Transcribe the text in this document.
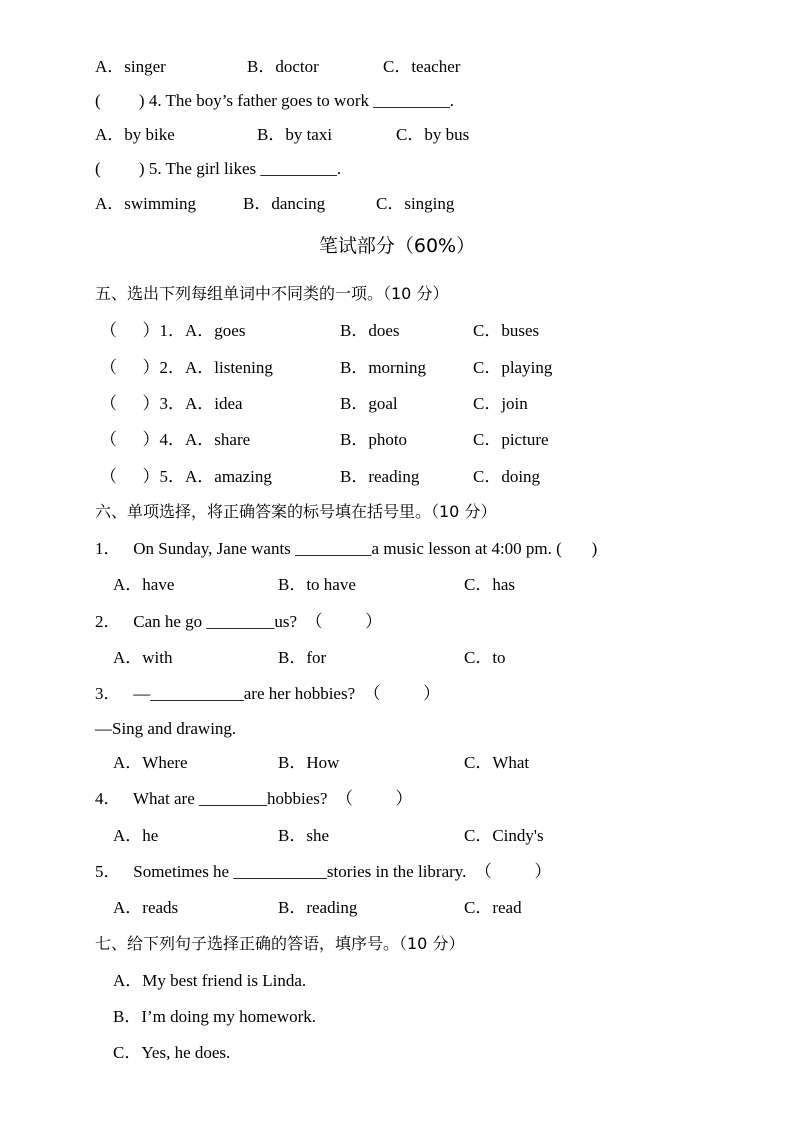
A．singer	B．doctor	C．teacher
(         ) 4. The boy’s father goes to work _________.
A．by bike	B．by taxi	C．by bus
(         ) 5. The girl likes _________.
A．swimming	B．dancing	C．singing
笔试部分（60%）
五、选出下列每组单词中不同类的一项。（10 分）
（      ）1．A．goes	B．does	C．buses
（      ）2．A．listening	B．morning	C．playing
（      ）3．A．idea	B．goal	C．join
（      ）4．A．share	B．photo	C．picture
（      ）5．A．amazing	B．reading	C．doing
六、单项选择，将正确答案的标号填在括号里。（10 分）
1．   On Sunday, Jane wants _________a music lesson at 4:00 pm. (       )
A．have	B．to have	C．has
2．   Can he go ________us?  （          ）
A．with	B．for	C．to
3．   —___________are her hobbies?  （          ）
—Sing and drawing.
A．Where	B．How	C．What
4．   What are ________hobbies?  （          ）
A．he	B．she	C．Cindy's
5．   Sometimes he ___________stories in the library.  （          ）
A．reads	B．reading	C．read
七、给下列句子选择正确的答语，填序号。（10 分）
A．My best friend is Linda.
B．I’m doing my homework.
C．Yes, he does.
